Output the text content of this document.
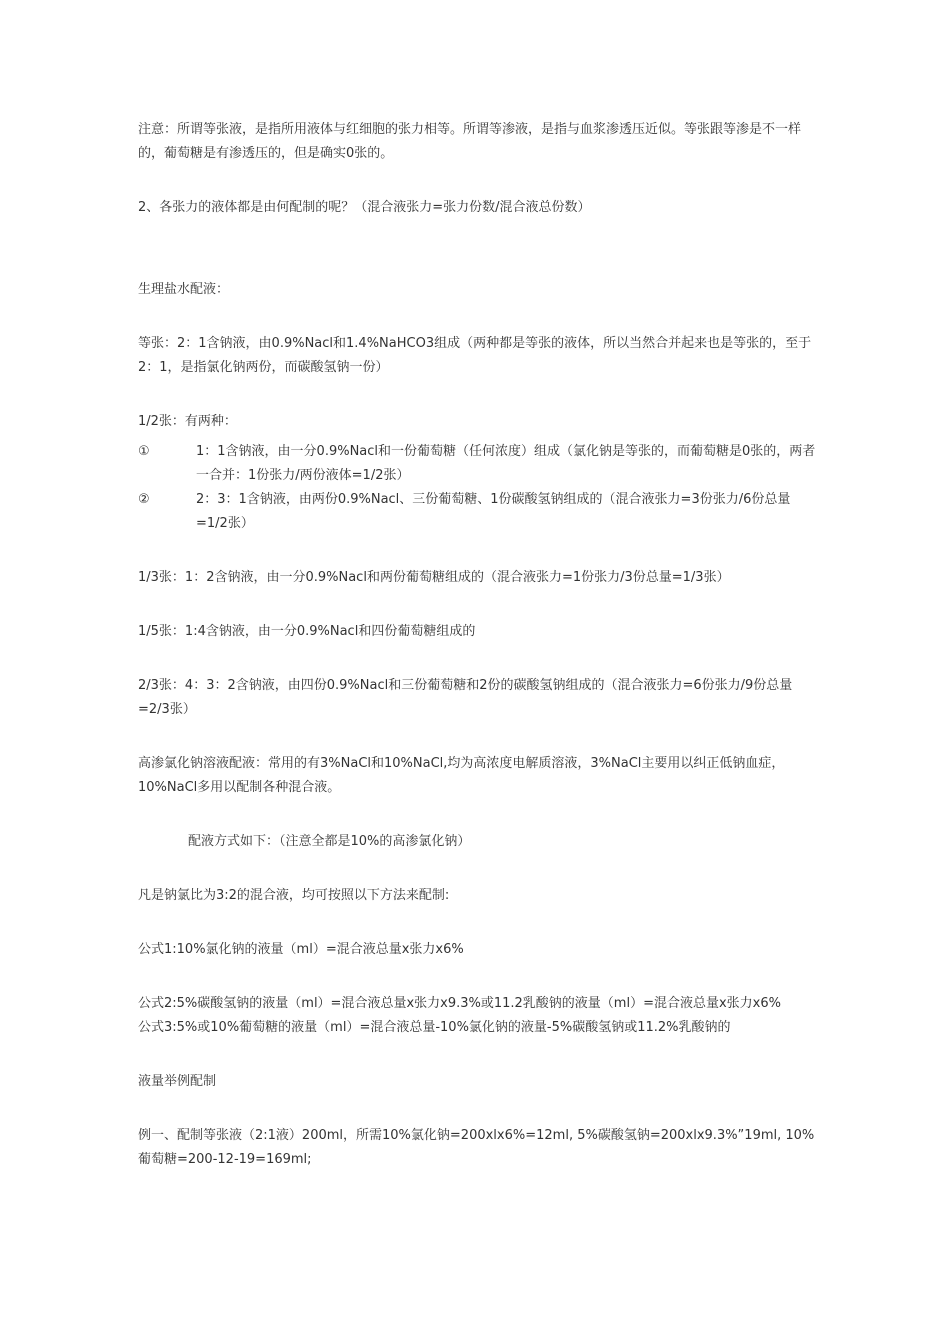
注意：所谓等张液，是指所用液体与红细胞的张力相等。所谓等渗液，是指与血浆渗透压近似。等张跟等渗是不一样的，葡萄糖是有渗透压的，但是确实0张的。

2、各张力的液体都是由何配制的呢？（混合液张力=张力份数/混合液总份数）

生理盐水配液：

等张：2：1含钠液，由0.9%Nacl和1.4%NaHCO3组成（两种都是等张的液体，所以当然合并起来也是等张的，至于2：1，是指氯化钠两份，而碳酸氢钠一份）

1/2张：有两种：

①	1：1含钠液，由一分0.9%Nacl和一份葡萄糖（任何浓度）组成（氯化钠是等张的，而葡萄糖是0张的，两者一合并：1份张力/两份液体=1/2张）
②	2：3：1含钠液，由两份0.9%Nacl、三份葡萄糖、1份碳酸氢钠组成的（混合液张力=3份张力/6份总量=1/2张）

1/3张：1：2含钠液，由一分0.9%Nacl和两份葡萄糖组成的（混合液张力=1份张力/3份总量=1/3张）

1/5张：1:4含钠液，由一分0.9%Nacl和四份葡萄糖组成的

2/3张：4：3：2含钠液，由四份0.9%Nacl和三份葡萄糖和2份的碳酸氢钠组成的（混合液张力=6份张力/9份总量=2/3张）

高渗氯化钠溶液配液：常用的有3%NaCl和10%NaCl,均为高浓度电解质溶液，3%NaCl主要用以纠正低钠血症，10%NaCl多用以配制各种混合液。

配液方式如下：（注意全都是10%的高渗氯化钠）

凡是钠氯比为3:2的混合液，均可按照以下方法来配制:

公式1:10%氯化钠的液量（ml）=混合液总量x张力x6%

公式2:5%碳酸氢钠的液量（ml）=混合液总量x张力x9.3%或11.2乳酸钠的液量（ml）=混合液总量x张力x6%

公式3:5%或10%葡萄糖的液量（ml）=混合液总量-10%氯化钠的液量-5%碳酸氢钠或11.2%乳酸钠的

液量举例配制

例一、配制等张液（2:1液）200ml，所需10%氯化钠=200xlx6%=12ml, 5%碳酸氢钠=200xlx9.3%”19ml, 10%葡萄糖=200-12-19=169ml;
